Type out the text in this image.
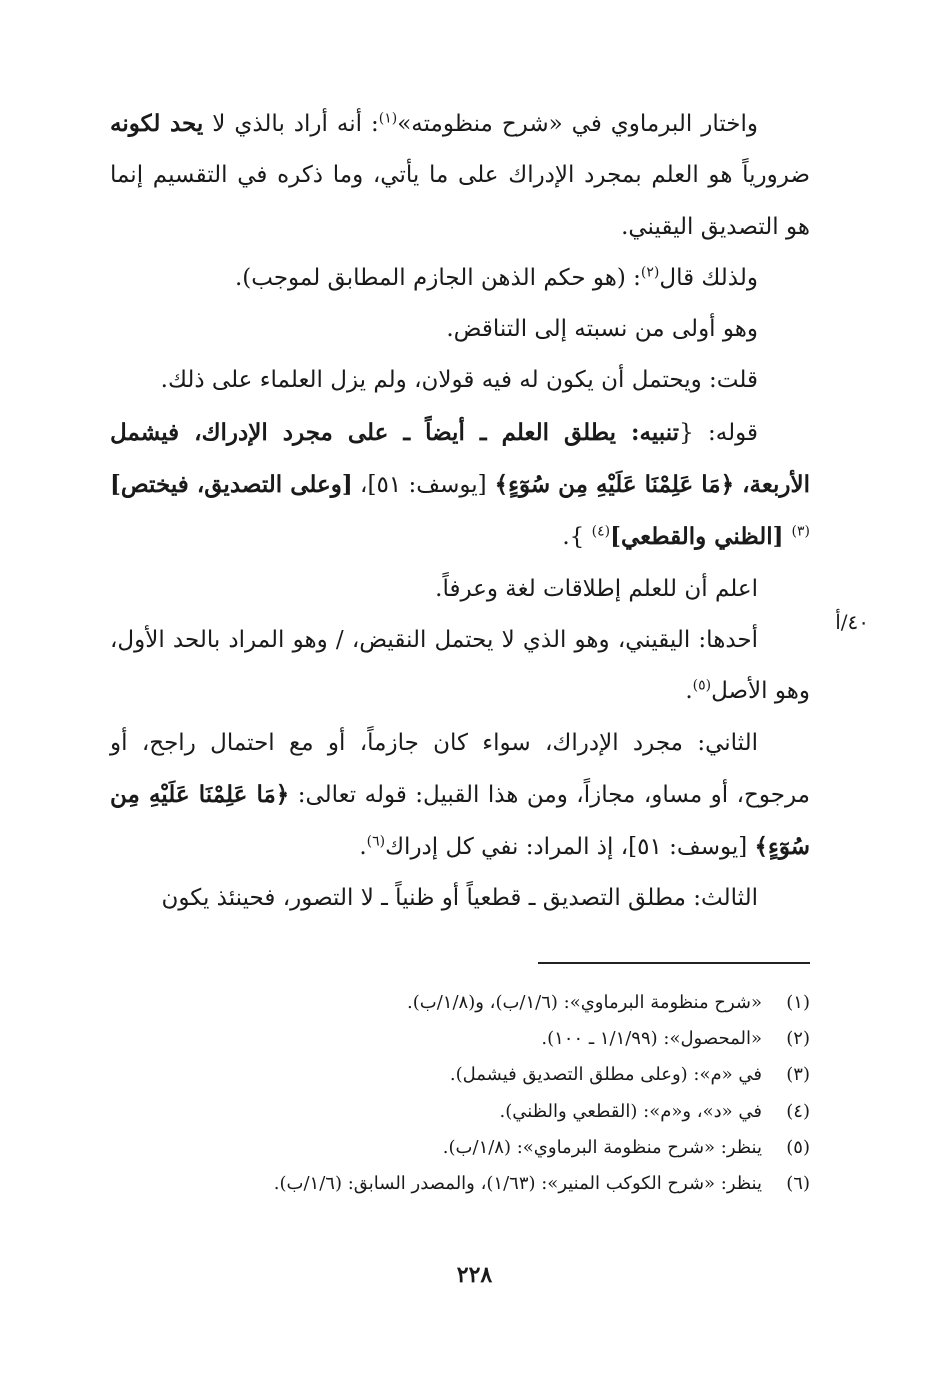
واختار البرماوي في «شرح منظومته»$^{(١)}$: أنه أراد بالذي لا يحد لكونه ضرورياً هو العلم بمجرد الإدراك على ما يأتي، وما ذكره في التقسيم إنما هو التصديق اليقيني.

ولذلك قال$^{(٢)}$: (هو حكم الذهن الجازم المطابق لموجب).

وهو أولى من نسبته إلى التناقض.

قلت: ويحتمل أن يكون له فيه قولان، ولم يزل العلماء على ذلك.

قوله: {تنبيه: يطلق العلم ـ أيضاً ـ على مجرد الإدراك، فيشمل الأربعة، ﴿مَا عَلِمْنَا عَلَيْهِ مِن سُوٓءٍ﴾ [يوسف: ٥١]، [وعلى التصديق، فيختص]$^{(٣)}$ [الظني والقطعي]$^{(٤)}$ }.

اعلم أن للعلم إطلاقات لغة وعرفاً.

أحدها: اليقيني، وهو الذي لا يحتمل النقيض، / وهو المراد بالحد الأول، وهو الأصل$^{(٥)}$.

الثاني: مجرد الإدراك، سواء كان جازماً، أو مع احتمال راجح، أو مرجوح، أو مساو، مجازاً، ومن هذا القبيل: قوله تعالى: ﴿مَا عَلِمْنَا عَلَيْهِ مِن سُوٓءٍ﴾ [يوسف: ٥١]، إذ المراد: نفي كل إدراك$^{(٦)}$.

الثالث: مطلق التصديق ـ قطعياً أو ظنياً ـ لا التصور، فحينئذ يكون

٤٠/أ
(١)
«شرح منظومة البرماوي»: (١/٦/ب)، و(١/٨/ب).
(٢)
«المحصول»: (١/١/٩٩ ـ ١٠٠).
(٣)
في «م»: (وعلى مطلق التصديق فيشمل).
(٤)
في «د»، و«م»: (القطعي والظني).
(٥)
ينظر: «شرح منظومة البرماوي»: (١/٨/ب).
(٦)
ينظر: «شرح الكوكب المنير»: (١/٦٣)، والمصدر السابق: (١/٦/ب).
٢٢٨
